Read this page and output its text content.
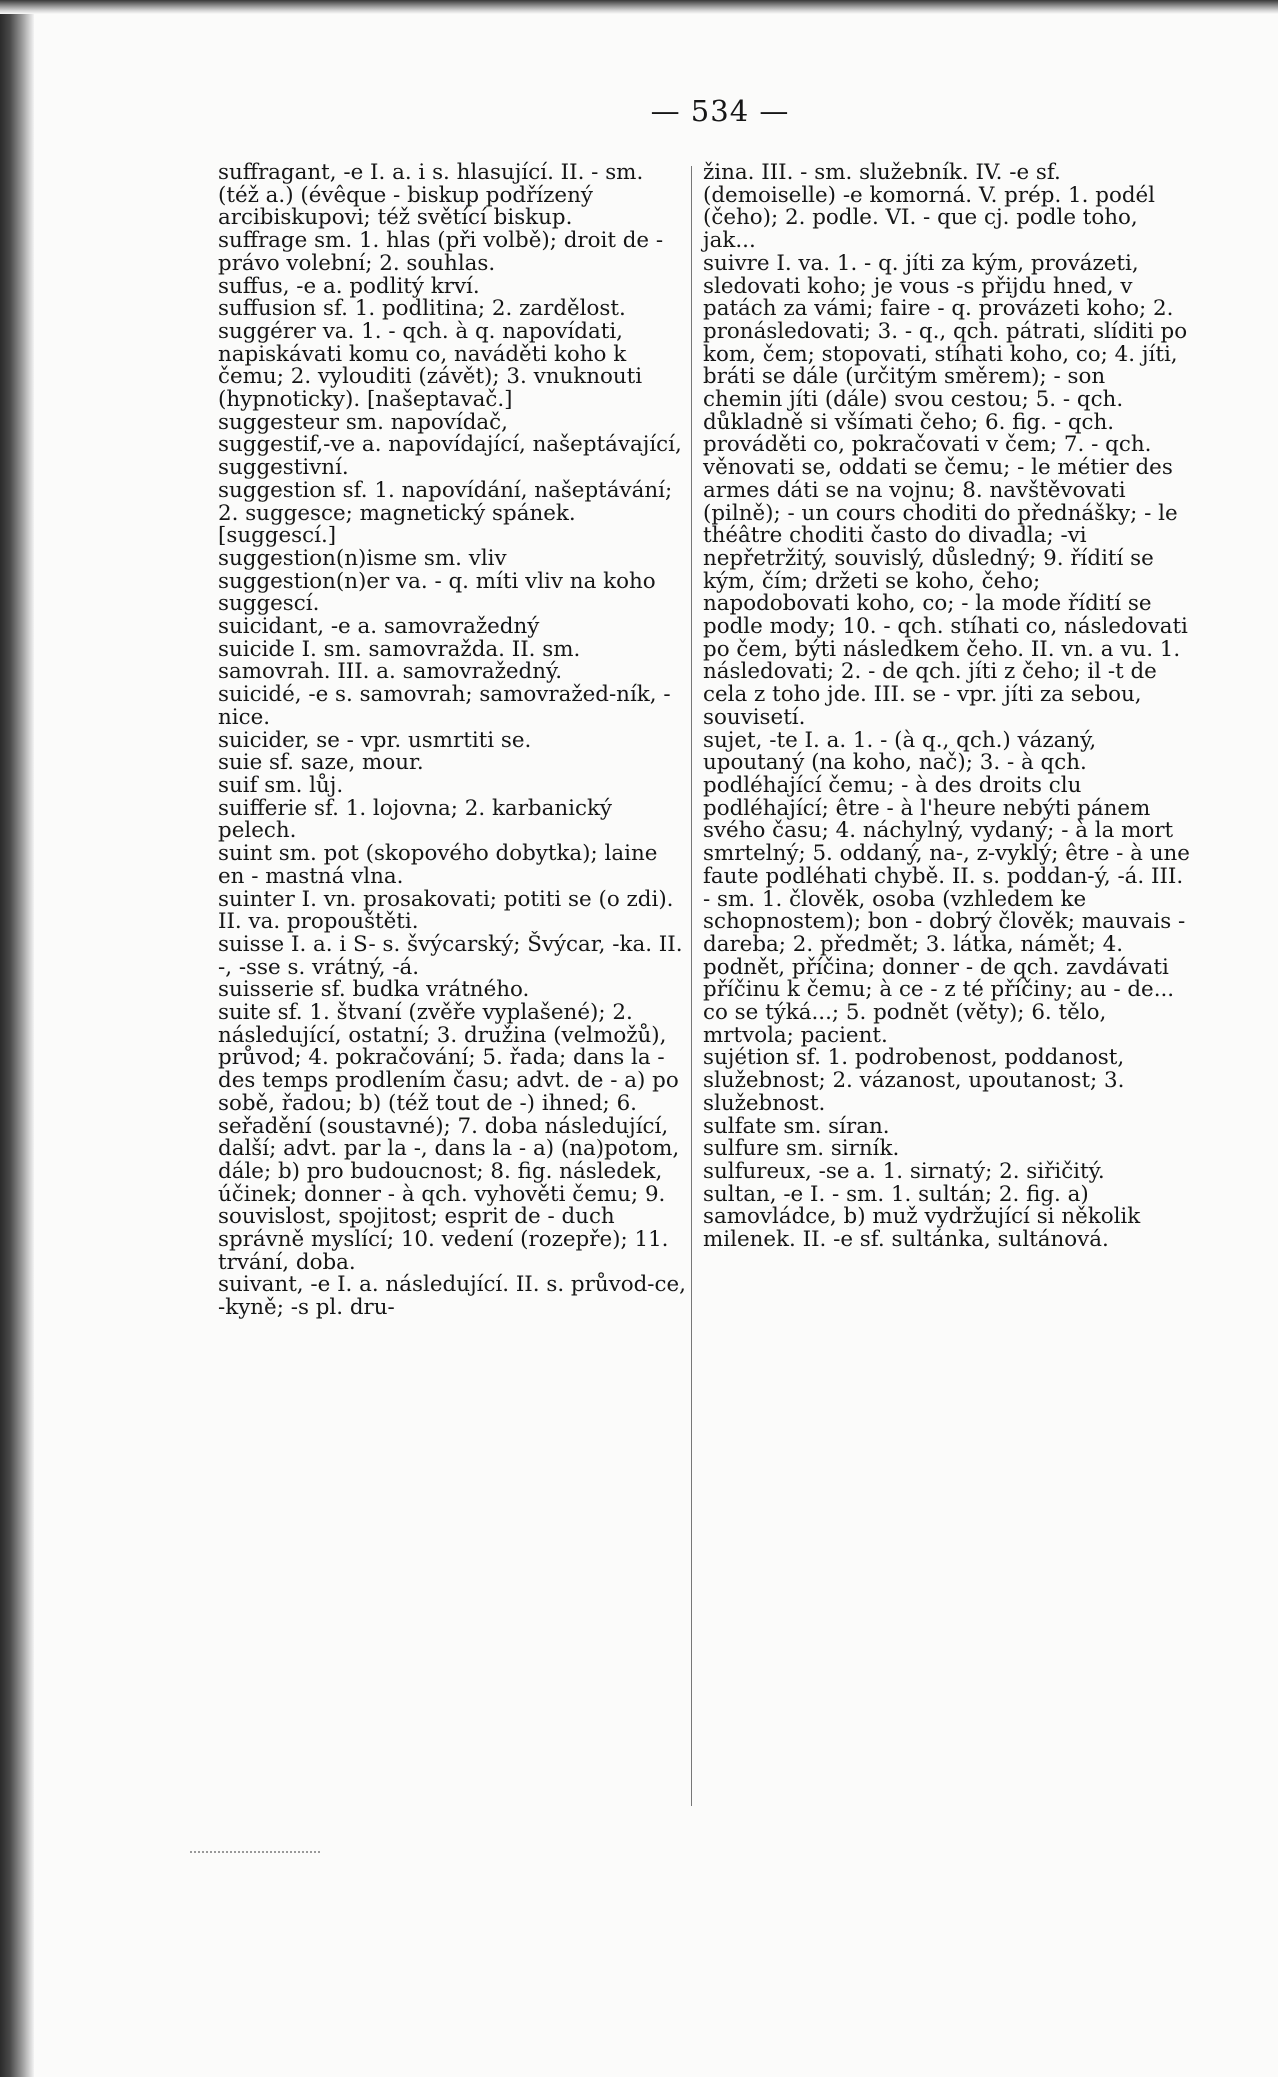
— 534 —

suffragant, -e I. a. i s. hlasující. II. - sm. (též a.) (évêque - biskup podřízený arcibiskupovi; též světící biskup.

suffrage sm. 1. hlas (při volbě); droit de - právo volební; 2. souhlas.

suffus, -e a. podlitý krví.

suffusion sf. 1. podlitina; 2. zardělost.

suggérer va. 1. - qch. à q. napovídati, napiskávati komu co, naváděti koho k čemu; 2. vylouditi (závět); 3. vnuknouti (hypnoticky). [našeptavač.]

suggesteur sm. napovídač,

suggestif,-ve a. napovídající, našeptávající, suggestivní.

suggestion sf. 1. napovídání, našeptávání; 2. suggesce; magnetický spánek. [suggescí.]

suggestion(n)isme sm. vliv

suggestion(n)er va. - q. míti vliv na koho suggescí.

suicidant, -e a. samovražedný

suicide I. sm. samovražda. II. sm. samovrah. III. a. samovražedný.

suicidé, -e s. samovrah; samovražed-ník, -nice.

suicider, se - vpr. usmrtiti se.

suie sf. saze, mour.

suif sm. lůj.

suifferie sf. 1. lojovna; 2. karbanický pelech.

suint sm. pot (skopového dobytka); laine en - mastná vlna.

suinter I. vn. prosakovati; potiti se (o zdi). II. va. propouštěti.

suisse I. a. i S- s. švýcarský; Švýcar, -ka. II. -, -sse s. vrátný, -á.

suisserie sf. budka vrátného.

suite sf. 1. štvaní (zvěře vyplašené); 2. následující, ostatní; 3. družina (velmožů), průvod; 4. pokračování; 5. řada; dans la - des temps prodlením času; advt. de - a) po sobě, řadou; b) (též tout de -) ihned; 6. seřadění (soustavné); 7. doba následující, další; advt. par la -, dans la - a) (na)potom, dále; b) pro budoucnost; 8. fig. následek, účinek; donner - à qch. vyhověti čemu; 9. souvislost, spojitost; esprit de - duch správně myslící; 10. vedení (rozepře); 11. trvání, doba.

suivant, -e I. a. následující. II. s. průvod-ce, -kyně; -s pl. dru-

žina. III. - sm. služebník. IV. -e sf. (demoiselle) -e komorná. V. prép. 1. podél (čeho); 2. podle. VI. - que cj. podle toho, jak...

suivre I. va. 1. - q. jíti za kým, provázeti, sledovati koho; je vous -s přijdu hned, v patách za vámi; faire - q. provázeti koho; 2. pronásledovati; 3. - q., qch. pátrati, slíditi po kom, čem; stopovati, stíhati koho, co; 4. jíti, bráti se dále (určitým směrem); - son chemin jíti (dále) svou cestou; 5. - qch. důkladně si všímati čeho; 6. fig. - qch. prováděti co, pokračovati v čem; 7. - qch. věnovati se, oddati se čemu; - le métier des armes dáti se na vojnu; 8. navštěvovati (pilně); - un cours choditi do přednášky; - le théâtre choditi často do divadla; -vi nepřetržitý, souvislý, důsledný; 9. řídití se kým, čím; držeti se koho, čeho; napodobovati koho, co; - la mode řídití se podle mody; 10. - qch. stíhati co, následovati po čem, býti následkem čeho. II. vn. a vu. 1. následovati; 2. - de qch. jíti z čeho; il -t de cela z toho jde. III. se - vpr. jíti za sebou, souvisetí.

sujet, -te I. a. 1. - (à q., qch.) vázaný, upoutaný (na koho, nač); 3. - à qch. podléhající čemu; - à des droits clu podléhající; être - à l'heure nebýti pánem svého času; 4. náchylný, vydaný; - à la mort smrtelný; 5. oddaný, na-, z-vyklý; être - à une faute podléhati chybě. II. s. poddan-ý, -á. III. - sm. 1. člověk, osoba (vzhledem ke schopnostem); bon - dobrý člověk; mauvais - dareba; 2. předmět; 3. látka, námět; 4. podnět, příčina; donner - de qch. zavdávati příčinu k čemu; à ce - z té příčiny; au - de... co se týká...; 5. podnět (věty); 6. tělo, mrtvola; pacient.

sujétion sf. 1. podrobenost, poddanost, služebnost; 2. vázanost, upoutanost; 3. služebnost.

sulfate sm. síran.

sulfure sm. sirník.

sulfureux, -se a. 1. sirnatý; 2. siřičitý.

sultan, -e I. - sm. 1. sultán; 2. fig. a) samovládce, b) muž vydržující si několik milenek. II. -e sf. sultánka, sultánová.
